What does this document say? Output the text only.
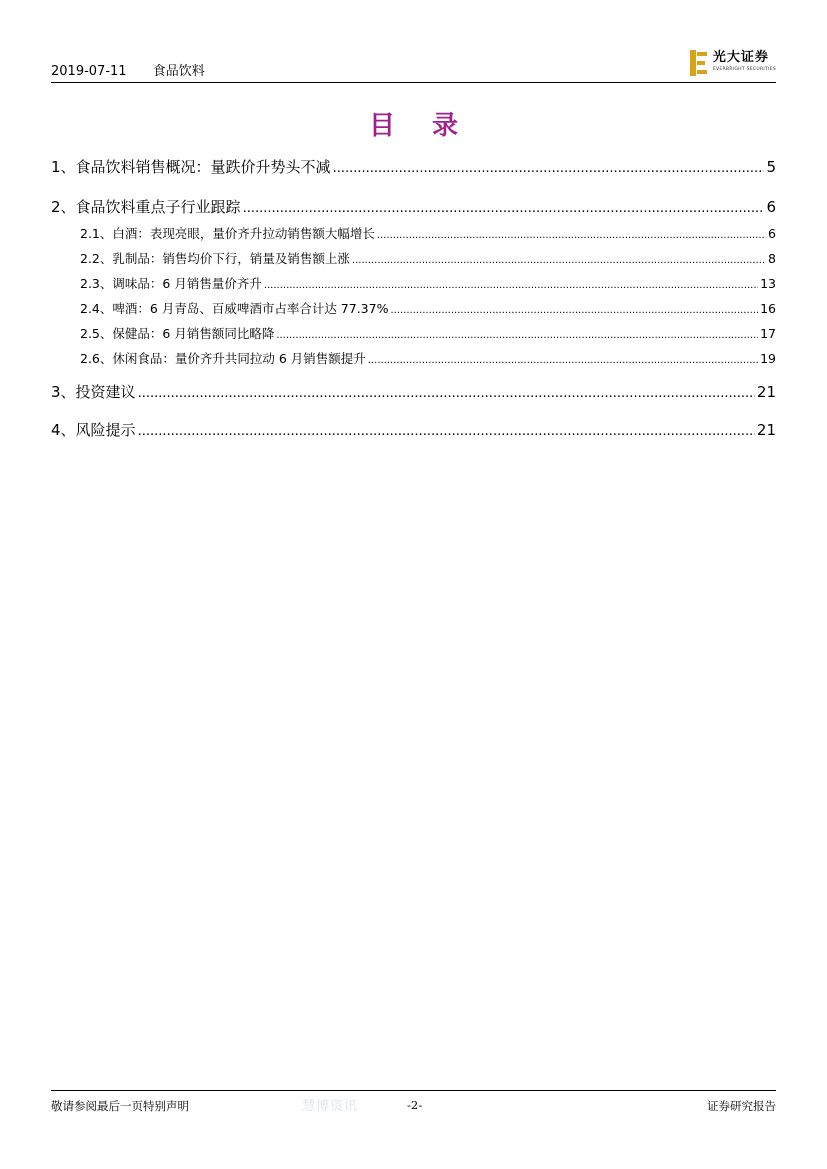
2019-07-11 食品饮料
光大证券
EVERBRIGHT SECURITIES
目 录
1、 食品饮料销售概况：量跌价升势头不减 .....	5
2、 食品饮料重点子行业跟踪 .....	6
2.1、 白酒：表现亮眼，量价齐升拉动销售额大幅增长 .....	6
2.2、 乳制品：销售均价下行，销量及销售额上涨 .....	8
2.3、 调味品：6 月销售量价齐升 .....	13
2.4、 啤酒：6 月青岛、百威啤酒市占率合计达 77.37% .....	16
2.5、 保健品：6 月销售额同比略降 .....	17
2.6、 休闲食品：量价齐升共同拉动 6 月销售额提升 .....	19
3、 投资建议 .....	21
4、 风险提示 .....	21
敬请参阅最后一页特别声明	慧博资讯	-2-	证券研究报告
